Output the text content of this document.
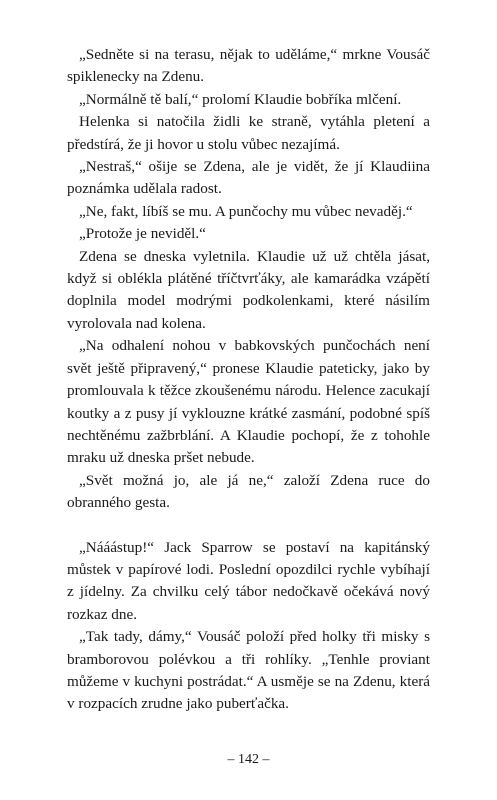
„Sedněte si na terasu, nějak to uděláme,“ mrkne Vousáč spiklenecky na Zdenu.

„Normálně tě balí,“ prolomí Klaudie bobříka mlčení.

Helenka si natočila židli ke straně, vytáhla pletení a předstírá, že ji hovor u stolu vůbec nezajímá.

„Nestraš,“ ošije se Zdena, ale je vidět, že jí Klaudiina poznámka udělala radost.

„Ne, fakt, líbíš se mu. A punčochy mu vůbec nevaděj.“

„Protože je neviděl.“

Zdena se dneska vyletnila. Klaudie už už chtěla jásat, když si oblékla plátěné tříčtvrťáky, ale kamarádka vzápětí doplnila model modrými podkolenkami, které násilím vyrolovala nad kolena.

„Na odhalení nohou v babkovských punčochách není svět ještě připravený,“ pronese Klaudie pateticky, jako by promlouvala k těžce zkoušenému národu. Helence zacukají koutky a z pusy jí vyklouzne krátké zasmání, podobné spíš nechtěnému zažbrblání. A Klaudie pochopí, že z tohohle mraku už dneska pršet nebude.

„Svět možná jo, ale já ne,“ založí Zdena ruce do obranného gesta.

„Nááástup!“ Jack Sparrow se postaví na kapitánský můstek v papírové lodi. Poslední opozdilci rychle vybíhají z jídelny. Za chvilku celý tábor nedočkavě očekává nový rozkaz dne.

„Tak tady, dámy,“ Vousáč položí před holky tři misky s bramborovou polévkou a tři rohlíky. „Tenhle proviant můžeme v kuchyni postrádat.“ A usměje se na Zdenu, která v rozpacích zrudne jako puberťačka.

– 142 –
